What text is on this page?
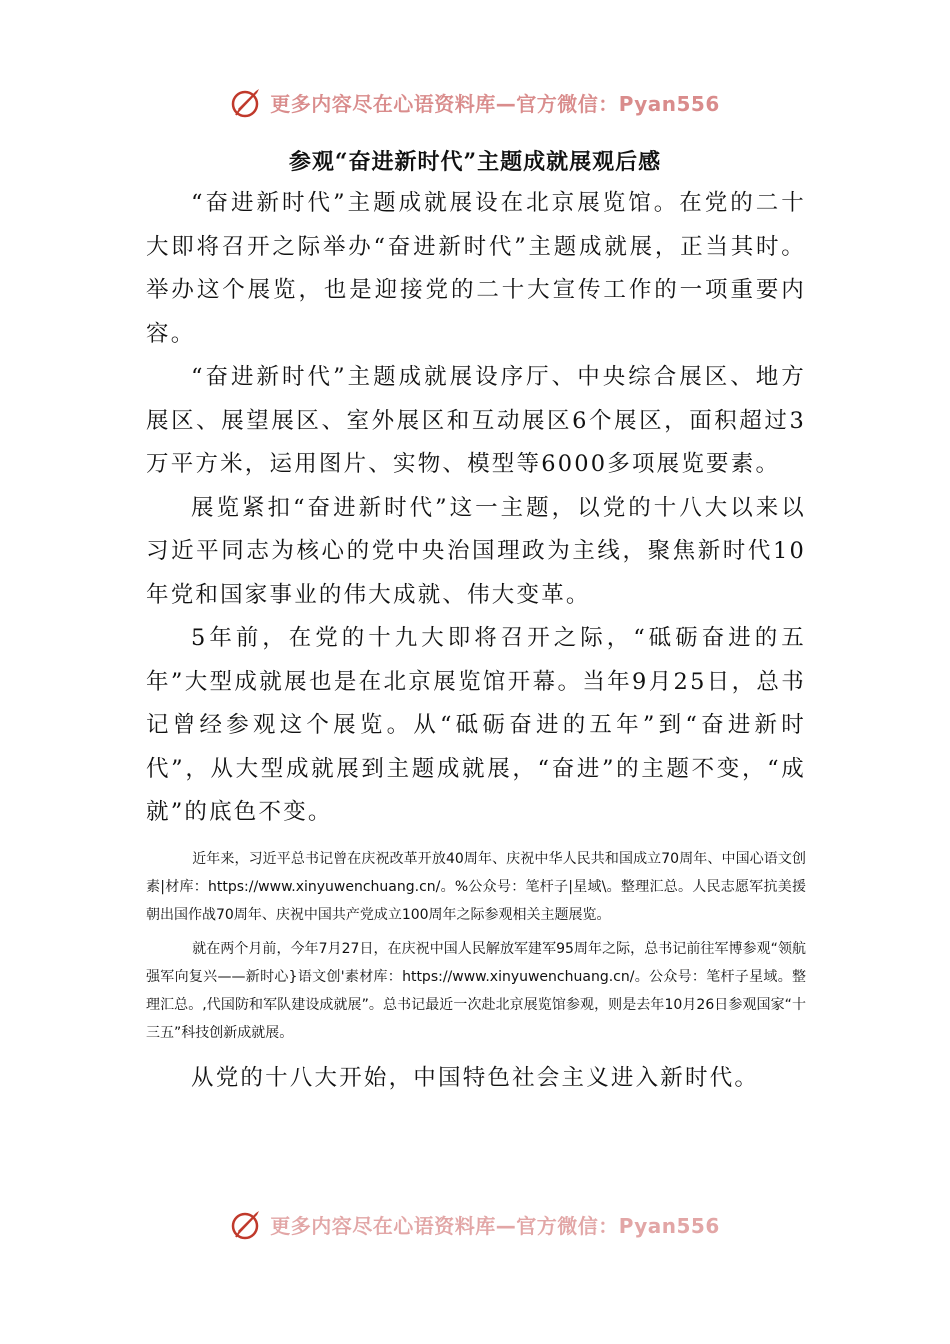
更多内容尽在心语资料库—官方微信：Pyan556
参观“奋进新时代”主题成就展观后感

“奋进新时代”主题成就展设在北京展览馆。在党的二十大即将召开之际举办“奋进新时代”主题成就展，正当其时。举办这个展览，也是迎接党的二十大宣传工作的一项重要内容。

“奋进新时代”主题成就展设序厅、中央综合展区、地方展区、展望展区、室外展区和互动展区6个展区，面积超过3万平方米，运用图片、实物、模型等6000多项展览要素。

展览紧扣“奋进新时代”这一主题，以党的十八大以来以习近平同志为核心的党中央治国理政为主线，聚焦新时代10年党和国家事业的伟大成就、伟大变革。

5年前，在党的十九大即将召开之际，“砥砺奋进的五年”大型成就展也是在北京展览馆开幕。当年9月25日，总书记曾经参观这个展览。从“砥砺奋进的五年”到“奋进新时代”，从大型成就展到主题成就展，“奋进”的主题不变，“成就”的底色不变。

近年来，习近平总书记曾在庆祝改革开放40周年、庆祝中华人民共和国成立70周年、中国心语文创素|材库：https://www.xinyuwenchuang.cn/。%公众号：笔杆子|星域\。整理汇总。人民志愿军抗美援朝出国作战70周年、庆祝中国共产党成立100周年之际参观相关主题展览。

就在两个月前，今年7月27日，在庆祝中国人民解放军建军95周年之际，总书记前往军博参观“领航强军向复兴——新时心}语文创'素材库：https://www.xinyuwenchuang.cn/。公众号：笔杆子星域。整理汇总。,代国防和军队建设成就展”。总书记最近一次赴北京展览馆参观，则是去年10月26日参观国家“十三五”科技创新成就展。

从党的十八大开始，中国特色社会主义进入新时代。

更多内容尽在心语资料库—官方微信：Pyan556
